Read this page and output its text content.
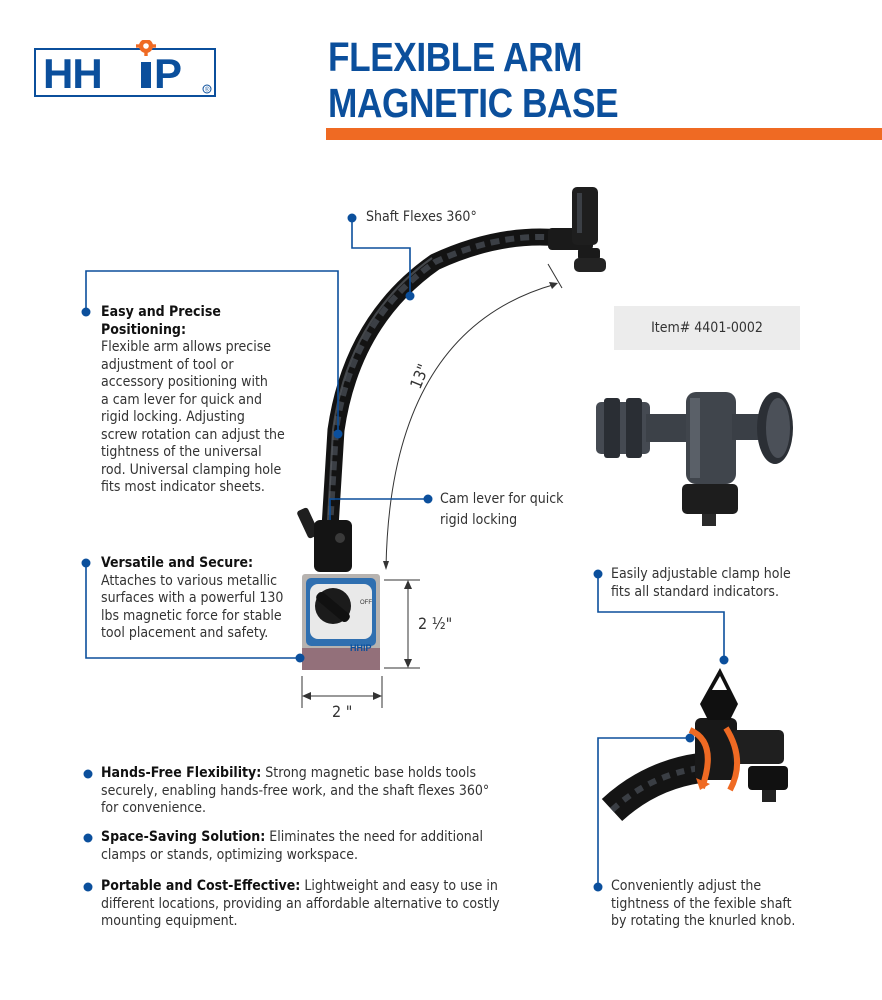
HH P	®
FLEXIBLE ARM
MAGNETIC BASE
Item# 4401-0002
OFF
HHIP
13"
Shaft Flexes 360°
Cam lever for quick
rigid locking
Easily adjustable clamp hole
fits all standard indicators.
Conveniently adjust the
tightness of the fexible shaft
by rotating the knurled knob.
2 ½"
2 "
Easy and Precise Positioning:
Flexible arm allows precise
adjustment of tool or
accessory positioning with
a cam lever for quick and
rigid locking. Adjusting
screw rotation can adjust the
tightness of the universal
rod. Universal clamping hole
fits most indicator sheets.
Versatile and Secure:
Attaches to various metallic
surfaces with a powerful 130
lbs magnetic force for stable
tool placement and safety.
Hands-Free Flexibility: Strong magnetic base holds tools
securely, enabling hands-free work, and the shaft flexes 360°
for convenience.
Space-Saving Solution: Eliminates the need for additional
clamps or stands, optimizing workspace.
Portable and Cost-Effective: Lightweight and easy to use in
different locations, providing an affordable alternative to costly
mounting equipment.
